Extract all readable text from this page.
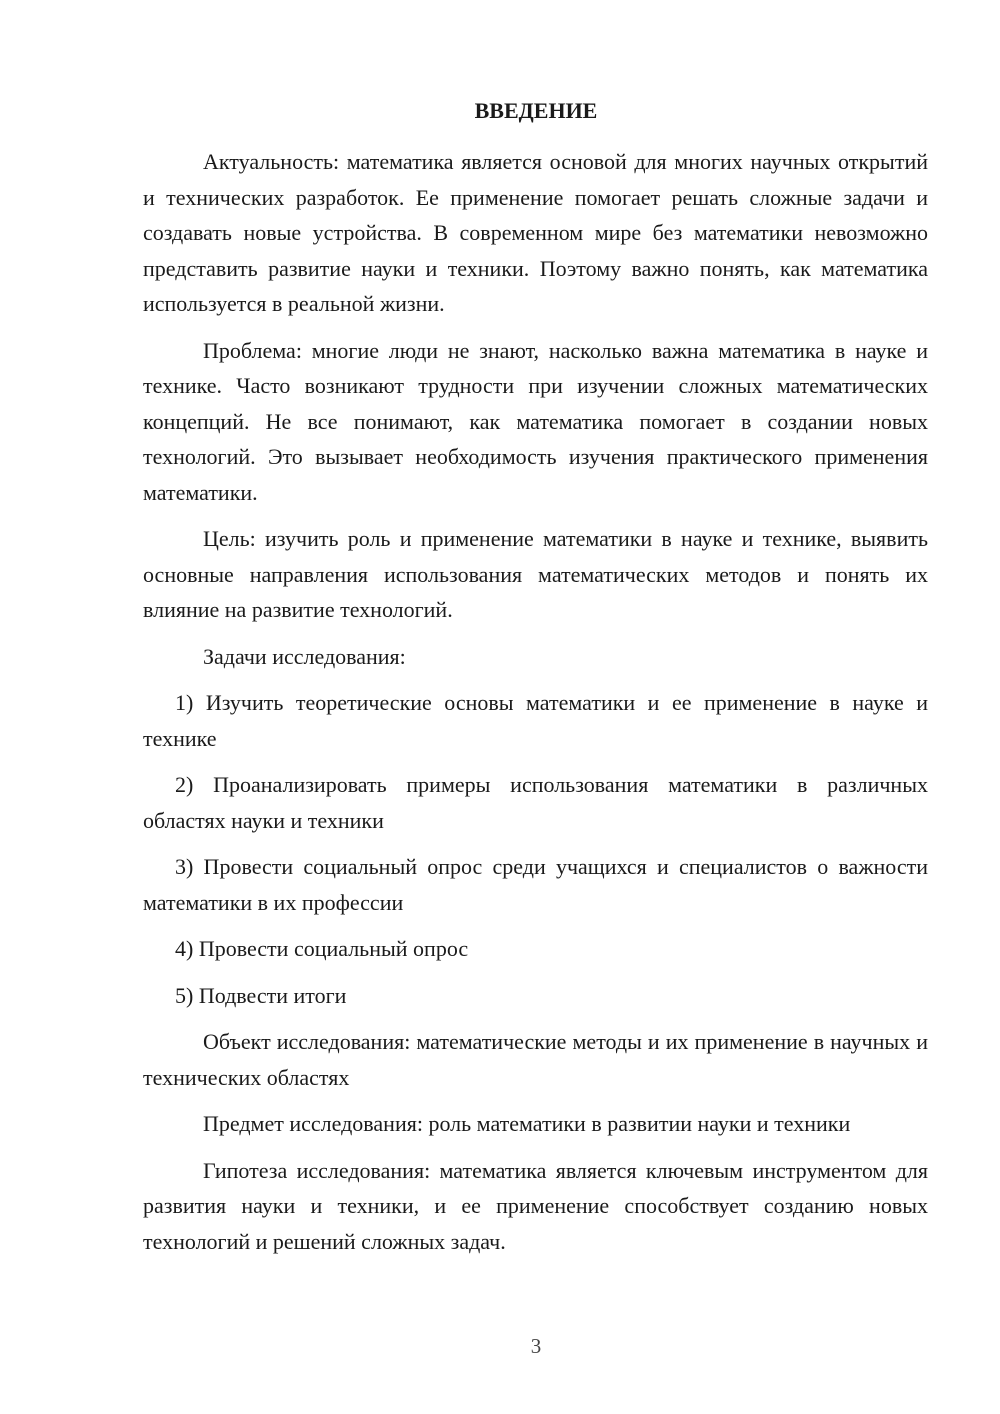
ВВЕДЕНИЕ

Актуальность: математика является основой для многих научных открытий и технических разработок. Ее применение помогает решать сложные задачи и создавать новые устройства. В современном мире без математики невозможно представить развитие науки и техники. Поэтому важно понять, как математика используется в реальной жизни.

Проблема: многие люди не знают, насколько важна математика в науке и технике. Часто возникают трудности при изучении сложных математических концепций. Не все понимают, как математика помогает в создании новых технологий. Это вызывает необходимость изучения практического применения математики.

Цель: изучить роль и применение математики в науке и технике, выявить основные направления использования математических методов и понять их влияние на развитие технологий.

Задачи исследования:

1) Изучить теоретические основы математики и ее применение в науке и технике

2) Проанализировать примеры использования математики в различных областях науки и техники

3) Провести социальный опрос среди учащихся и специалистов о важности математики в их профессии

4) Провести социальный опрос

5) Подвести итоги

Объект исследования: математические методы и их применение в научных и технических областях

Предмет исследования: роль математики в развитии науки и техники

Гипотеза исследования: математика является ключевым инструментом для развития науки и техники, и ее применение способствует созданию новых технологий и решений сложных задач.

3
